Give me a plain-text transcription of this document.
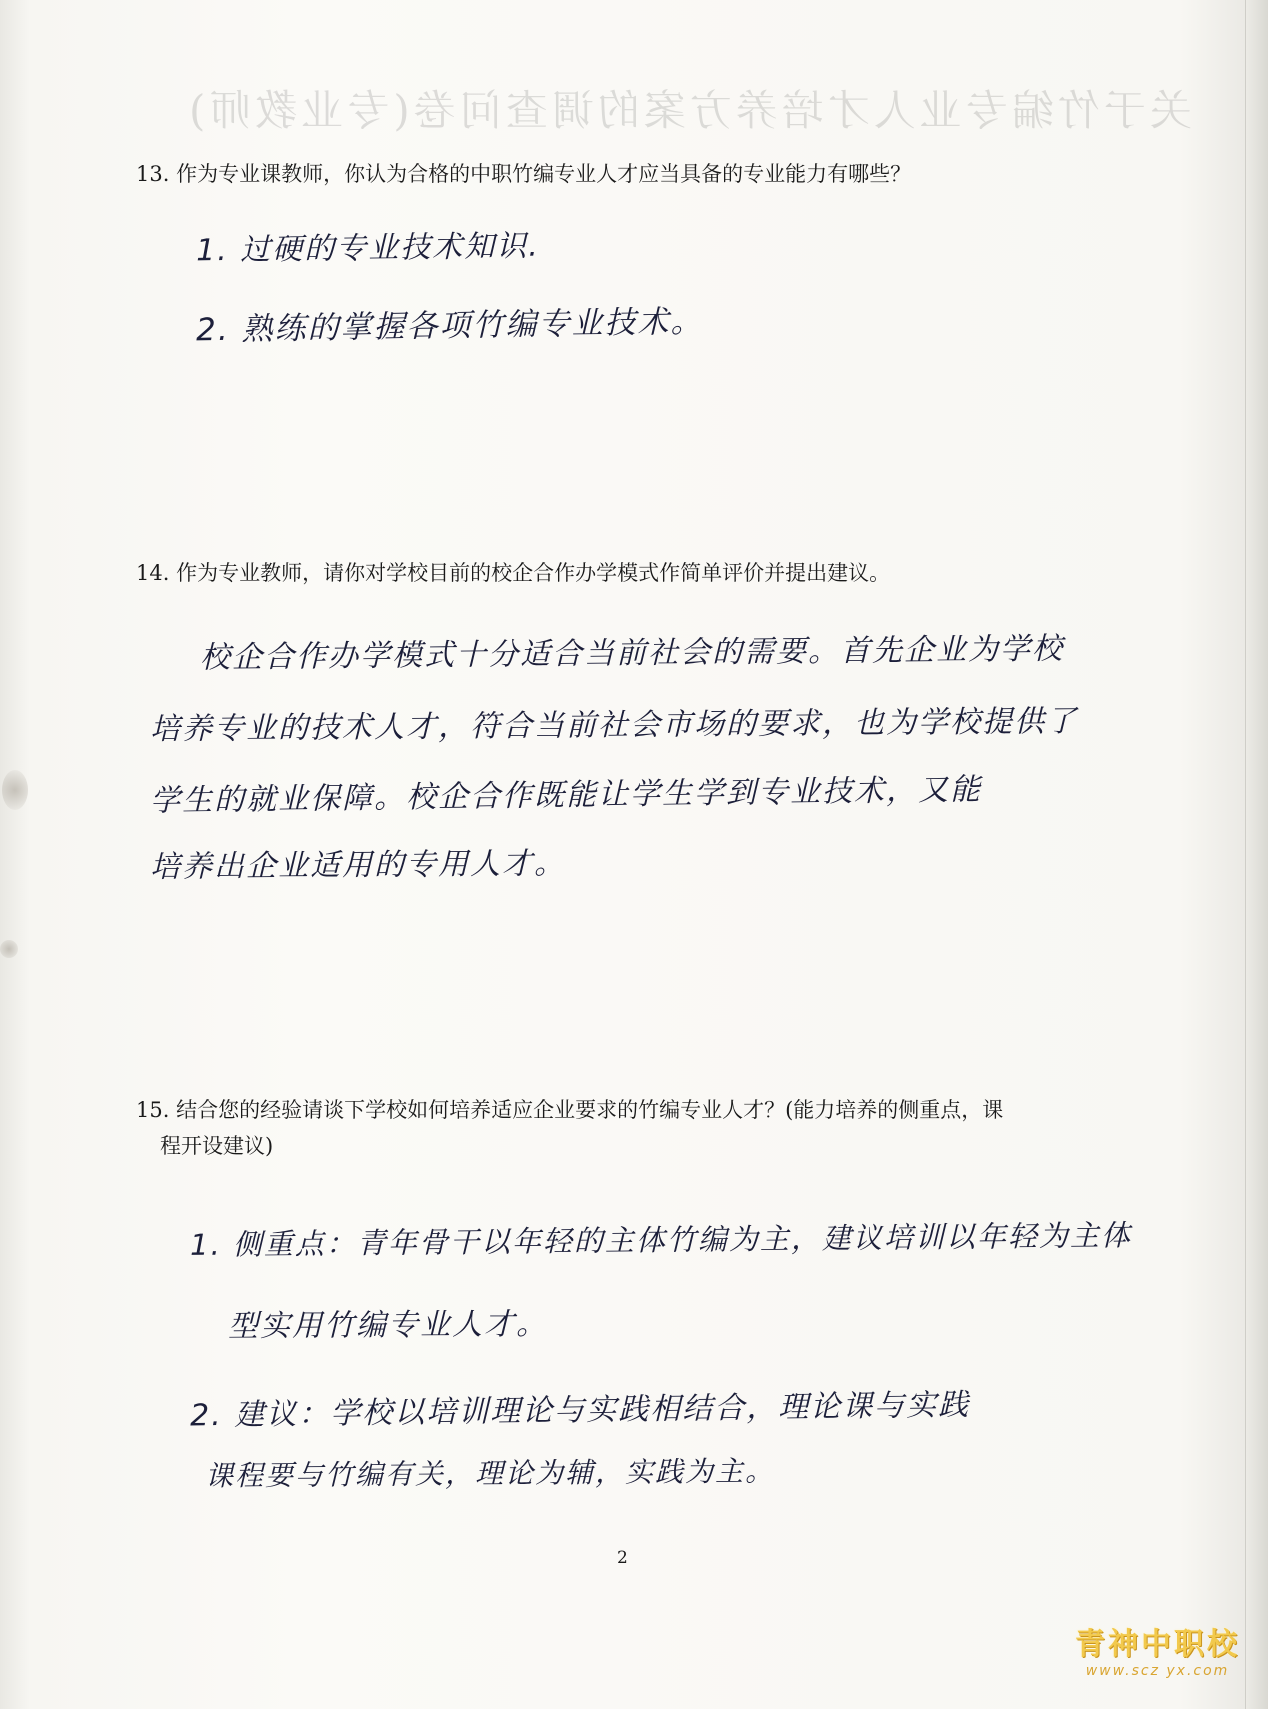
关于竹编专业人才培养方案的调查问卷(专业教师)
13. 作为专业课教师，你认为合格的中职竹编专业人才应当具备的专业能力有哪些？
1. 过硬的专业技术知识.
2. 熟练的掌握各项竹编专业技术。
14. 作为专业教师，请你对学校目前的校企合作办学模式作简单评价并提出建议。
校企合作办学模式十分适合当前社会的需要。首先企业为学校
培养专业的技术人才，符合当前社会市场的要求，也为学校提供了
学生的就业保障。校企合作既能让学生学到专业技术，又能
培养出企业适用的专用人才。
15. 结合您的经验请谈下学校如何培养适应企业要求的竹编专业人才？(能力培养的侧重点，课
程开设建议)
1. 侧重点：青年骨干以年轻的主体竹编为主，建议培训以年轻为主体
型实用竹编专业人才。
2. 建议：学校以培训理论与实践相结合，理论课与实践
课程要与竹编有关，理论为辅，实践为主。
2
青神中职校
www.scz yx.com
